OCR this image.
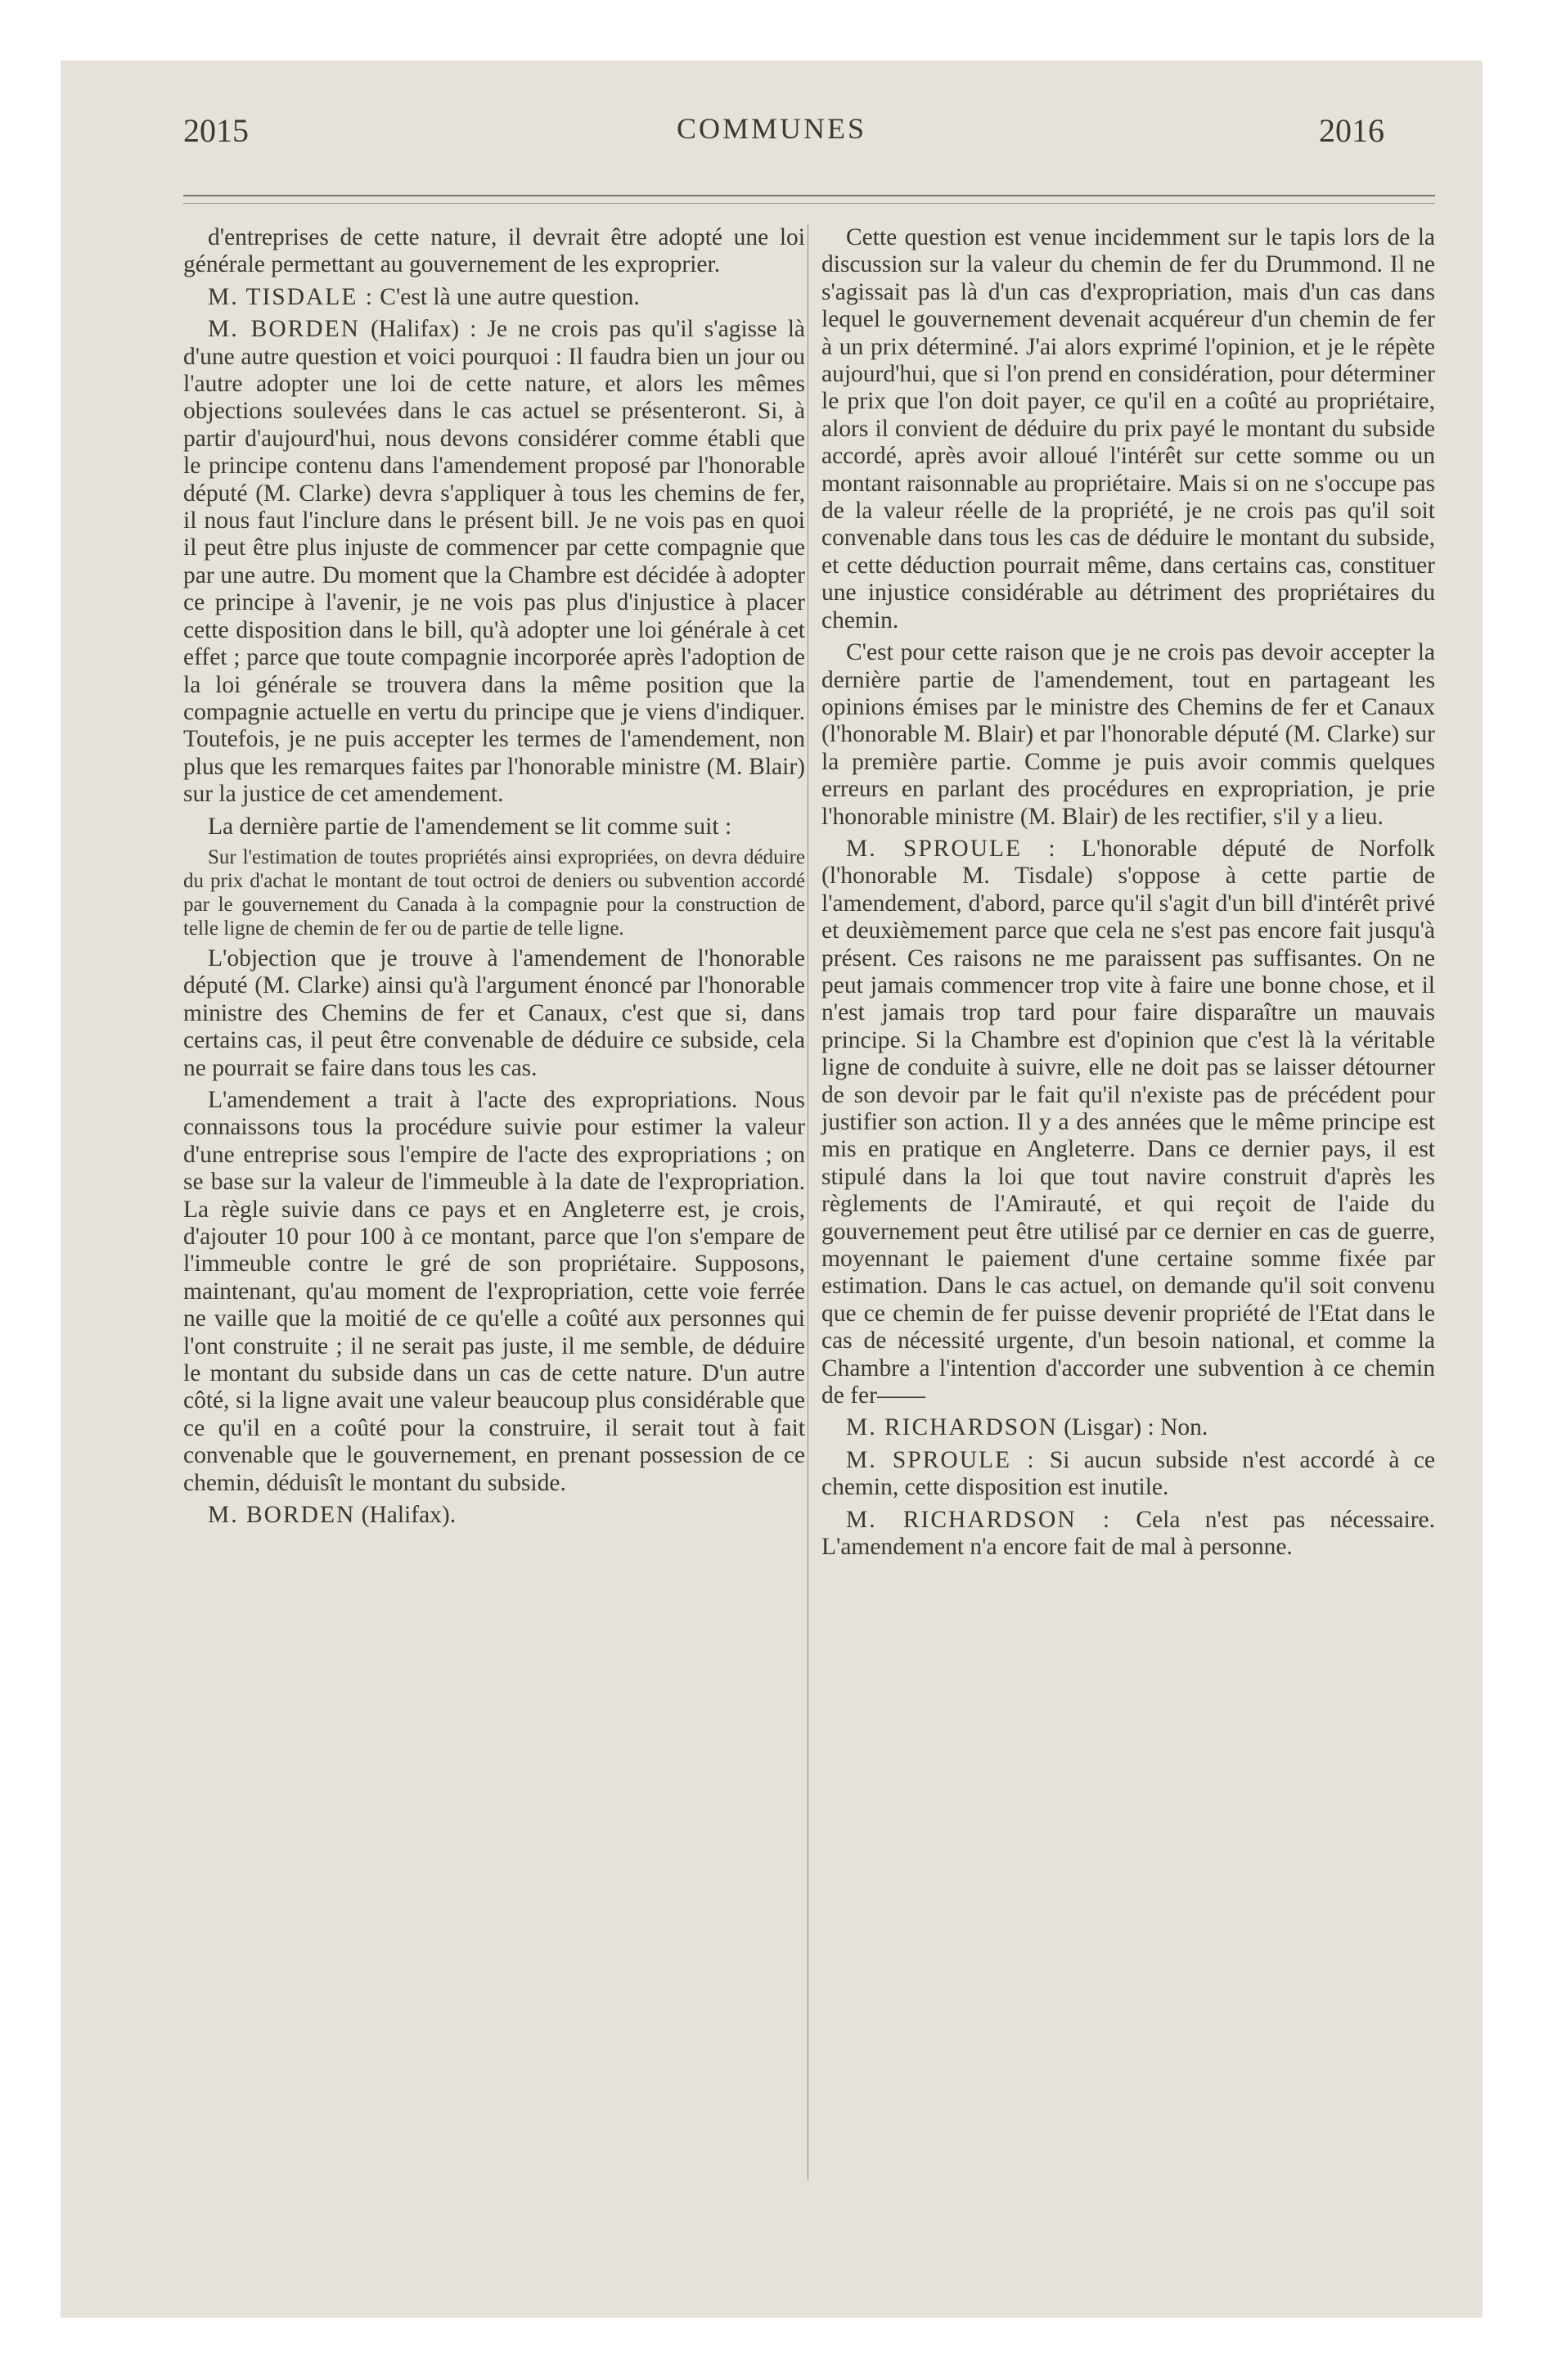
2015	COMMUNES	2016

d'entreprises de cette nature, il devrait être adopté une loi générale permettant au gouvernement de les exproprier.

M. TISDALE : C'est là une autre question.

M. BORDEN (Halifax) : Je ne crois pas qu'il s'agisse là d'une autre question et voici pourquoi : Il faudra bien un jour ou l'autre adopter une loi de cette nature, et alors les mêmes objections soulevées dans le cas actuel se présenteront. Si, à partir d'aujourd'hui, nous devons considérer comme établi que le principe contenu dans l'amendement proposé par l'honorable député (M. Clarke) devra s'appliquer à tous les chemins de fer, il nous faut l'inclure dans le présent bill. Je ne vois pas en quoi il peut être plus injuste de commencer par cette compagnie que par une autre. Du moment que la Chambre est décidée à adopter ce principe à l'avenir, je ne vois pas plus d'injustice à placer cette disposition dans le bill, qu'à adopter une loi générale à cet effet ; parce que toute compagnie incorporée après l'adoption de la loi générale se trouvera dans la même position que la compagnie actuelle en vertu du principe que je viens d'indiquer. Toutefois, je ne puis accepter les termes de l'amendement, non plus que les remarques faites par l'honorable ministre (M. Blair) sur la justice de cet amendement.

La dernière partie de l'amendement se lit comme suit :

Sur l'estimation de toutes propriétés ainsi expropriées, on devra déduire du prix d'achat le montant de tout octroi de deniers ou subvention accordé par le gouvernement du Canada à la compagnie pour la construction de telle ligne de chemin de fer ou de partie de telle ligne.

L'objection que je trouve à l'amendement de l'honorable député (M. Clarke) ainsi qu'à l'argument énoncé par l'honorable ministre des Chemins de fer et Canaux, c'est que si, dans certains cas, il peut être convenable de déduire ce subside, cela ne pourrait se faire dans tous les cas.

L'amendement a trait à l'acte des expropriations. Nous connaissons tous la procédure suivie pour estimer la valeur d'une entreprise sous l'empire de l'acte des expropriations ; on se base sur la valeur de l'immeuble à la date de l'expropriation. La règle suivie dans ce pays et en Angleterre est, je crois, d'ajouter 10 pour 100 à ce montant, parce que l'on s'empare de l'immeuble contre le gré de son propriétaire. Supposons, maintenant, qu'au moment de l'expropriation, cette voie ferrée ne vaille que la moitié de ce qu'elle a coûté aux personnes qui l'ont construite ; il ne serait pas juste, il me semble, de déduire le montant du subside dans un cas de cette nature. D'un autre côté, si la ligne avait une valeur beaucoup plus considérable que ce qu'il en a coûté pour la construire, il serait tout à fait convenable que le gouvernement, en prenant possession de ce chemin, déduisît le montant du subside.

M. BORDEN (Halifax).

Cette question est venue incidemment sur le tapis lors de la discussion sur la valeur du chemin de fer du Drummond. Il ne s'agissait pas là d'un cas d'expropriation, mais d'un cas dans lequel le gouvernement devenait acquéreur d'un chemin de fer à un prix déterminé. J'ai alors exprimé l'opinion, et je le répète aujourd'hui, que si l'on prend en considération, pour déterminer le prix que l'on doit payer, ce qu'il en a coûté au propriétaire, alors il convient de déduire du prix payé le montant du subside accordé, après avoir alloué l'intérêt sur cette somme ou un montant raisonnable au propriétaire. Mais si on ne s'occupe pas de la valeur réelle de la propriété, je ne crois pas qu'il soit convenable dans tous les cas de déduire le montant du subside, et cette déduction pourrait même, dans certains cas, constituer une injustice considérable au détriment des propriétaires du chemin.

C'est pour cette raison que je ne crois pas devoir accepter la dernière partie de l'amendement, tout en partageant les opinions émises par le ministre des Chemins de fer et Canaux (l'honorable M. Blair) et par l'honorable député (M. Clarke) sur la première partie. Comme je puis avoir commis quelques erreurs en parlant des procédures en expropriation, je prie l'honorable ministre (M. Blair) de les rectifier, s'il y a lieu.

M. SPROULE : L'honorable député de Norfolk (l'honorable M. Tisdale) s'oppose à cette partie de l'amendement, d'abord, parce qu'il s'agit d'un bill d'intérêt privé et deuxièmement parce que cela ne s'est pas encore fait jusqu'à présent. Ces raisons ne me paraissent pas suffisantes. On ne peut jamais commencer trop vite à faire une bonne chose, et il n'est jamais trop tard pour faire disparaître un mauvais principe. Si la Chambre est d'opinion que c'est là la véritable ligne de conduite à suivre, elle ne doit pas se laisser détourner de son devoir par le fait qu'il n'existe pas de précédent pour justifier son action. Il y a des années que le même principe est mis en pratique en Angleterre. Dans ce dernier pays, il est stipulé dans la loi que tout navire construit d'après les règlements de l'Amirauté, et qui reçoit de l'aide du gouvernement peut être utilisé par ce dernier en cas de guerre, moyennant le paiement d'une certaine somme fixée par estimation. Dans le cas actuel, on demande qu'il soit convenu que ce chemin de fer puisse devenir propriété de l'Etat dans le cas de nécessité urgente, d'un besoin national, et comme la Chambre a l'intention d'accorder une subvention à ce chemin de fer——

M. RICHARDSON (Lisgar) : Non.

M. SPROULE : Si aucun subside n'est accordé à ce chemin, cette disposition est inutile.

M. RICHARDSON : Cela n'est pas nécessaire. L'amendement n'a encore fait de mal à personne.
